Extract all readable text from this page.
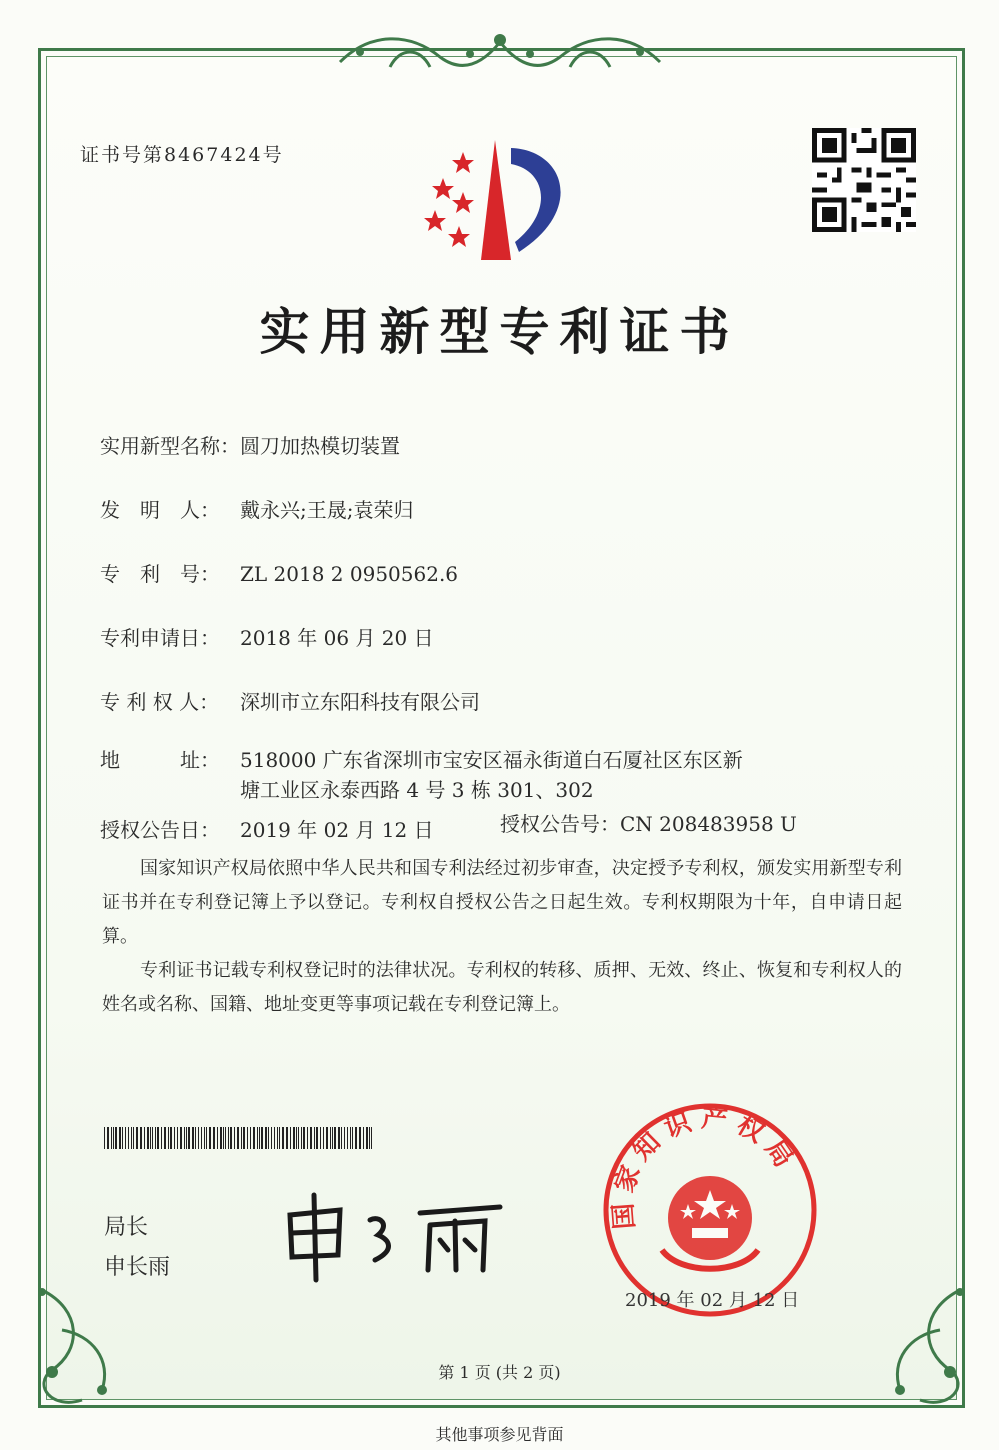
证书号第8467424号
实用新型专利证书
实用新型名称：圆刀加热模切装置
发　明　人： 戴永兴;王晟;袁荣归
专　利　号： ZL 2018 2 0950562.6
专利申请日： 2018 年 06 月 20 日
专 利 权 人： 深圳市立东阳科技有限公司
地　　　址： 518000 广东省深圳市宝安区福永街道白石厦社区东区新
塘工业区永泰西路 4 号 3 栋 301、302
授权公告日： 2019 年 02 月 12 日	授权公告号：CN 208483958 U

国家知识产权局依照中华人民共和国专利法经过初步审查，决定授予专利权，颁发实用新型专利证书并在专利登记簿上予以登记。专利权自授权公告之日起生效。专利权期限为十年，自申请日起算。

专利证书记载专利权登记时的法律状况。专利权的转移、质押、无效、终止、恢复和专利权人的姓名或名称、国籍、地址变更等事项记载在专利登记簿上。

局长
申长雨
国家知识产权局
2019 年 02 月 12 日
第 1 页 (共 2 页)
其他事项参见背面
